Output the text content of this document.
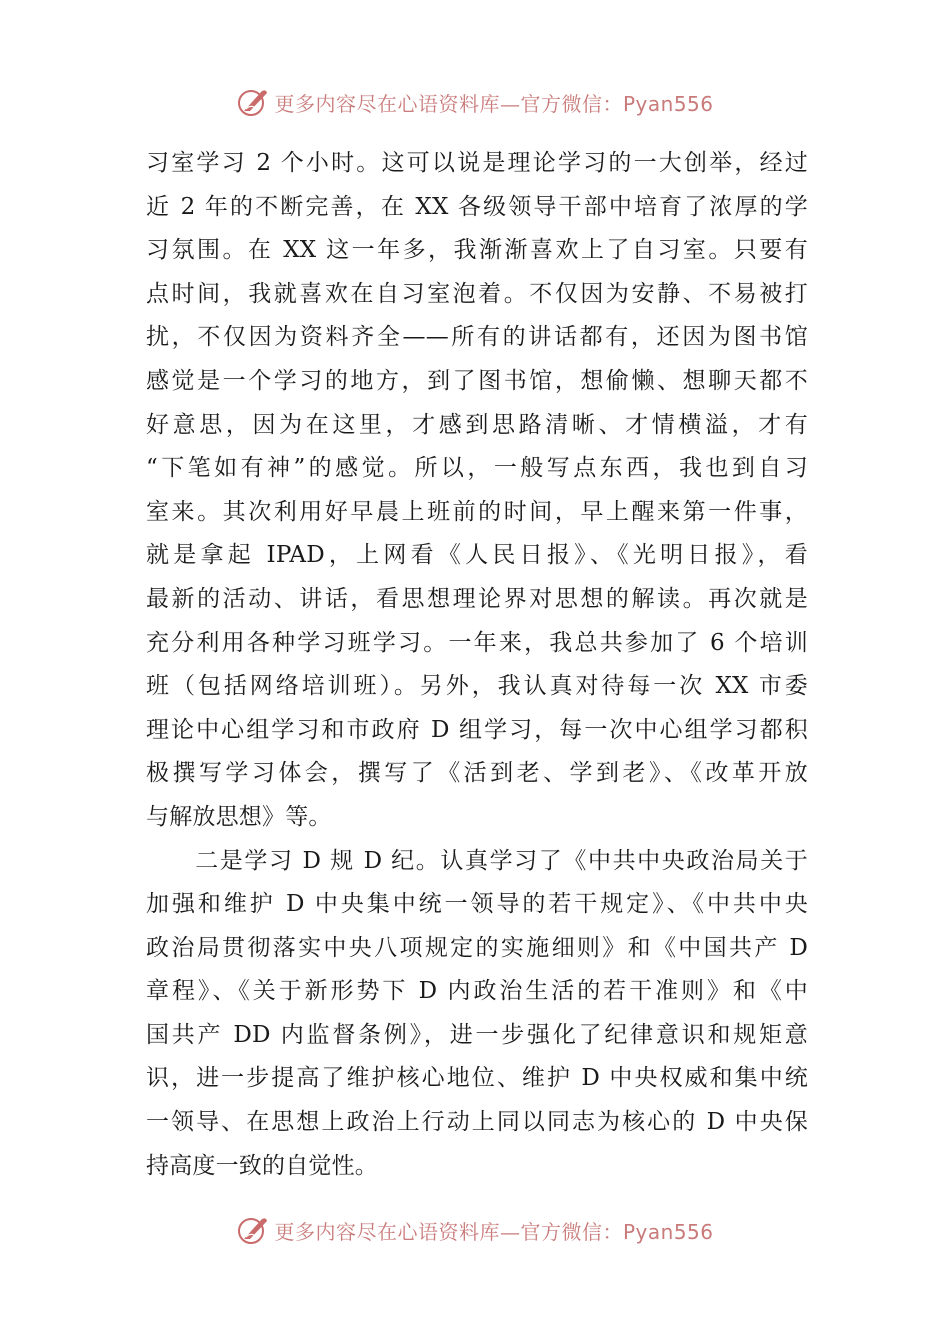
更多内容尽在心语资料库—官方微信：Pyan556
习室学习 2 个小时。这可以说是理论学习的一大创举，经过
近 2 年的不断完善，在 XX 各级领导干部中培育了浓厚的学
习氛围。在 XX 这一年多，我渐渐喜欢上了自习室。只要有
点时间，我就喜欢在自习室泡着。不仅因为安静、不易被打
扰，不仅因为资料齐全——所有的讲话都有，还因为图书馆
感觉是一个学习的地方，到了图书馆，想偷懒、想聊天都不
好意思，因为在这里，才感到思路清晰、才情横溢，才有
“下笔如有神”的感觉。所以，一般写点东西，我也到自习
室来。其次利用好早晨上班前的时间，早上醒来第一件事，
就是拿起 IPAD，上网看《人民日报》、《光明日报》，看
最新的活动、讲话，看思想理论界对思想的解读。再次就是
充分利用各种学习班学习。一年来，我总共参加了 6 个培训
班（包括网络培训班）。另外，我认真对待每一次 XX 市委
理论中心组学习和市政府 D 组学习，每一次中心组学习都积
极撰写学习体会，撰写了《活到老、学到老》、《改革开放
与解放思想》等。
　　二是学习 D 规 D 纪。认真学习了《中共中央政治局关于
加强和维护 D 中央集中统一领导的若干规定》、《中共中央
政治局贯彻落实中央八项规定的实施细则》和《中国共产 D
章程》、《关于新形势下 D 内政治生活的若干准则》和《中
国共产 DD 内监督条例》，进一步强化了纪律意识和规矩意
识，进一步提高了维护核心地位、维护 D 中央权威和集中统
一领导、在思想上政治上行动上同以同志为核心的 D 中央保
持高度一致的自觉性。
更多内容尽在心语资料库—官方微信：Pyan556
